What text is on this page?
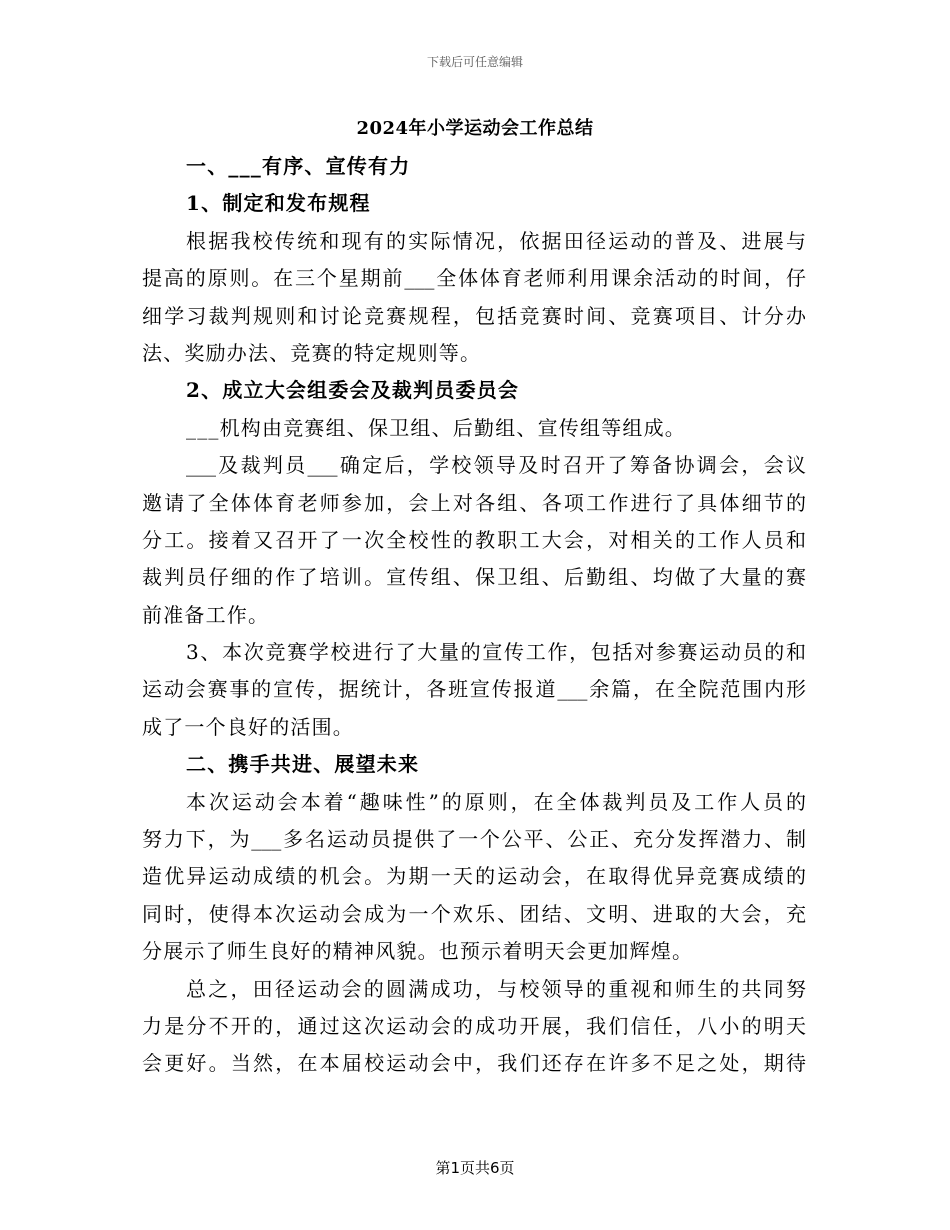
下载后可任意编辑
2024年小学运动会工作总结
一、___有序、宣传有力
1、制定和发布规程
根据我校传统和现有的实际情况，依据田径运动的普及、进展与
提高的原则。在三个星期前___全体体育老师利用课余活动的时间，仔
细学习裁判规则和讨论竞赛规程，包括竞赛时间、竞赛项目、计分办
法、奖励办法、竞赛的特定规则等。
2、成立大会组委会及裁判员委员会
___机构由竞赛组、保卫组、后勤组、宣传组等组成。
___及裁判员___确定后，学校领导及时召开了筹备协调会，会议
邀请了全体体育老师参加，会上对各组、各项工作进行了具体细节的
分工。接着又召开了一次全校性的教职工大会，对相关的工作人员和
裁判员仔细的作了培训。宣传组、保卫组、后勤组、均做了大量的赛
前准备工作。
3、本次竞赛学校进行了大量的宣传工作，包括对参赛运动员的和
运动会赛事的宣传，据统计，各班宣传报道___余篇，在全院范围内形
成了一个良好的活围。
二、携手共进、展望未来
本次运动会本着“趣味性”的原则，在全体裁判员及工作人员的
努力下，为___多名运动员提供了一个公平、公正、充分发挥潜力、制
造优异运动成绩的机会。为期一天的运动会，在取得优异竞赛成绩的
同时，使得本次运动会成为一个欢乐、团结、文明、进取的大会，充
分展示了师生良好的精神风貌。也预示着明天会更加辉煌。
总之，田径运动会的圆满成功，与校领导的重视和师生的共同努
力是分不开的，通过这次运动会的成功开展，我们信任，八小的明天
会更好。当然，在本届校运动会中，我们还存在许多不足之处，期待
第1页共6页
